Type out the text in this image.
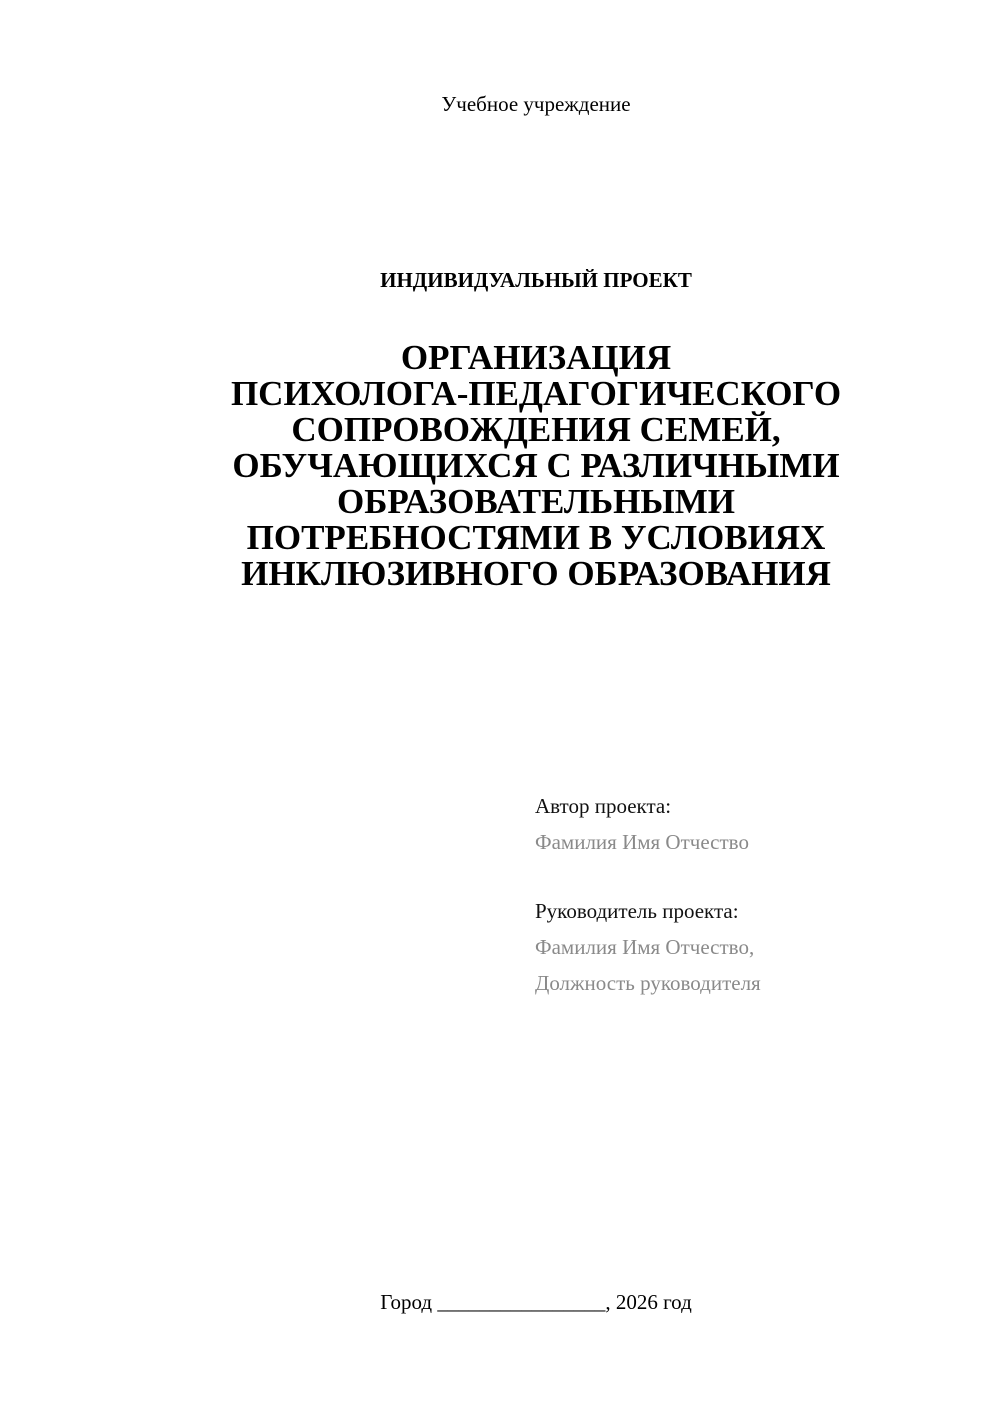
Учебное учреждение
ИНДИВИДУАЛЬНЫЙ ПРОЕКТ
ОРГАНИЗАЦИЯ
ПСИХОЛОГА-ПЕДАГОГИЧЕСКОГО
СОПРОВОЖДЕНИЯ СЕМЕЙ,
ОБУЧАЮЩИХСЯ С РАЗЛИЧНЫМИ
ОБРАЗОВАТЕЛЬНЫМИ
ПОТРЕБНОСТЯМИ В УСЛОВИЯХ
ИНКЛЮЗИВНОГО ОБРАЗОВАНИЯ
Автор проекта:
Фамилия Имя Отчество
Руководитель проекта:
Фамилия Имя Отчество,
Должность руководителя
Город ________________, 2026 год
